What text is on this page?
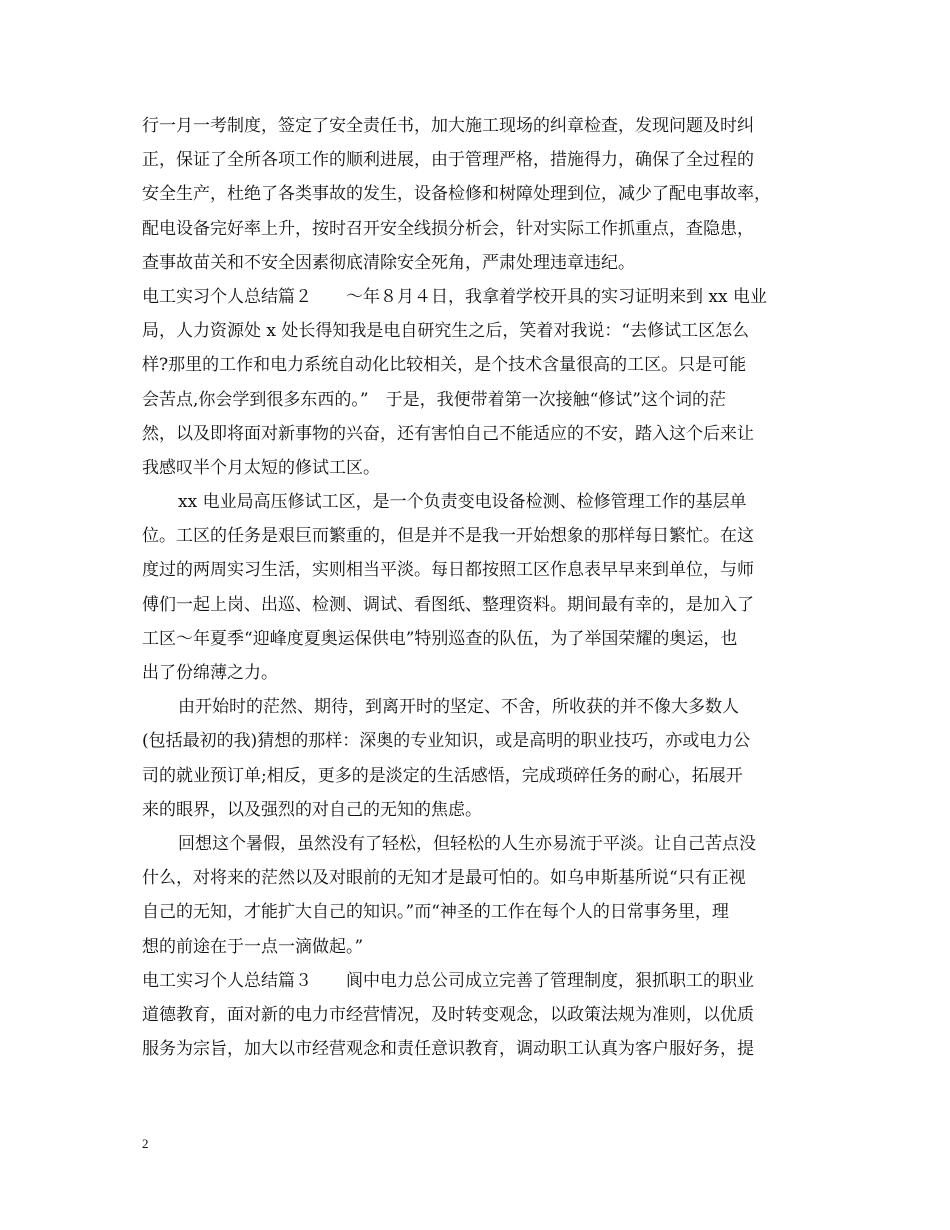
行一月一考制度，签定了安全责任书，加大施工现场的纠章检查，发现问题及时纠
正，保证了全所各项工作的顺利进展，由于管理严格，措施得力，确保了全过程的
安全生产，杜绝了各类事故的发生，设备检修和树障处理到位，减少了配电事故率，
配电设备完好率上升，按时召开安全线损分析会，针对实际工作抓重点，查隐患，
查事故苗关和不安全因素彻底清除安全死角，严肃处理违章违纪。
电工实习个人总结篇２　　～年８月４日，我拿着学校开具的实习证明来到 xx 电业
局，人力资源处 x 处长得知我是电自研究生之后，笑着对我说：“去修试工区怎么
样?那里的工作和电力系统自动化比较相关，是个技术含量很高的工区。只是可能
会苦点,你会学到很多东西的。”　于是，我便带着第一次接触“修试”这个词的茫
然，以及即将面对新事物的兴奋，还有害怕自己不能适应的不安，踏入这个后来让
我感叹半个月太短的修试工区。
xx 电业局高压修试工区，是一个负责变电设备检测、检修管理工作的基层单
位。工区的任务是艰巨而繁重的，但是并不是我一开始想象的那样每日繁忙。在这
度过的两周实习生活，实则相当平淡。每日都按照工区作息表早早来到单位，与师
傅们一起上岗、出巡、检测、调试、看图纸、整理资料。期间最有幸的，是加入了
工区～年夏季“迎峰度夏奥运保供电”特别巡查的队伍，为了举国荣耀的奥运，也
出了份绵薄之力。
由开始时的茫然、期待，到离开时的坚定、不舍，所收获的并不像大多数人
(包括最初的我)猜想的那样：深奥的专业知识，或是高明的职业技巧，亦或电力公
司的就业预订单;相反，更多的是淡定的生活感悟，完成琐碎任务的耐心，拓展开
来的眼界，以及强烈的对自己的无知的焦虑。
回想这个暑假，虽然没有了轻松，但轻松的人生亦易流于平淡。让自己苦点没
什么，对将来的茫然以及对眼前的无知才是最可怕的。如乌申斯基所说“只有正视
自己的无知，才能扩大自己的知识。”而“神圣的工作在每个人的日常事务里，理
想的前途在于一点一滴做起。”
电工实习个人总结篇３　　阆中电力总公司成立完善了管理制度，狠抓职工的职业
道德教育，面对新的电力市经营情况，及时转变观念，以政策法规为准则，以优质
服务为宗旨，加大以市经营观念和责任意识教育，调动职工认真为客户服好务，提
2
